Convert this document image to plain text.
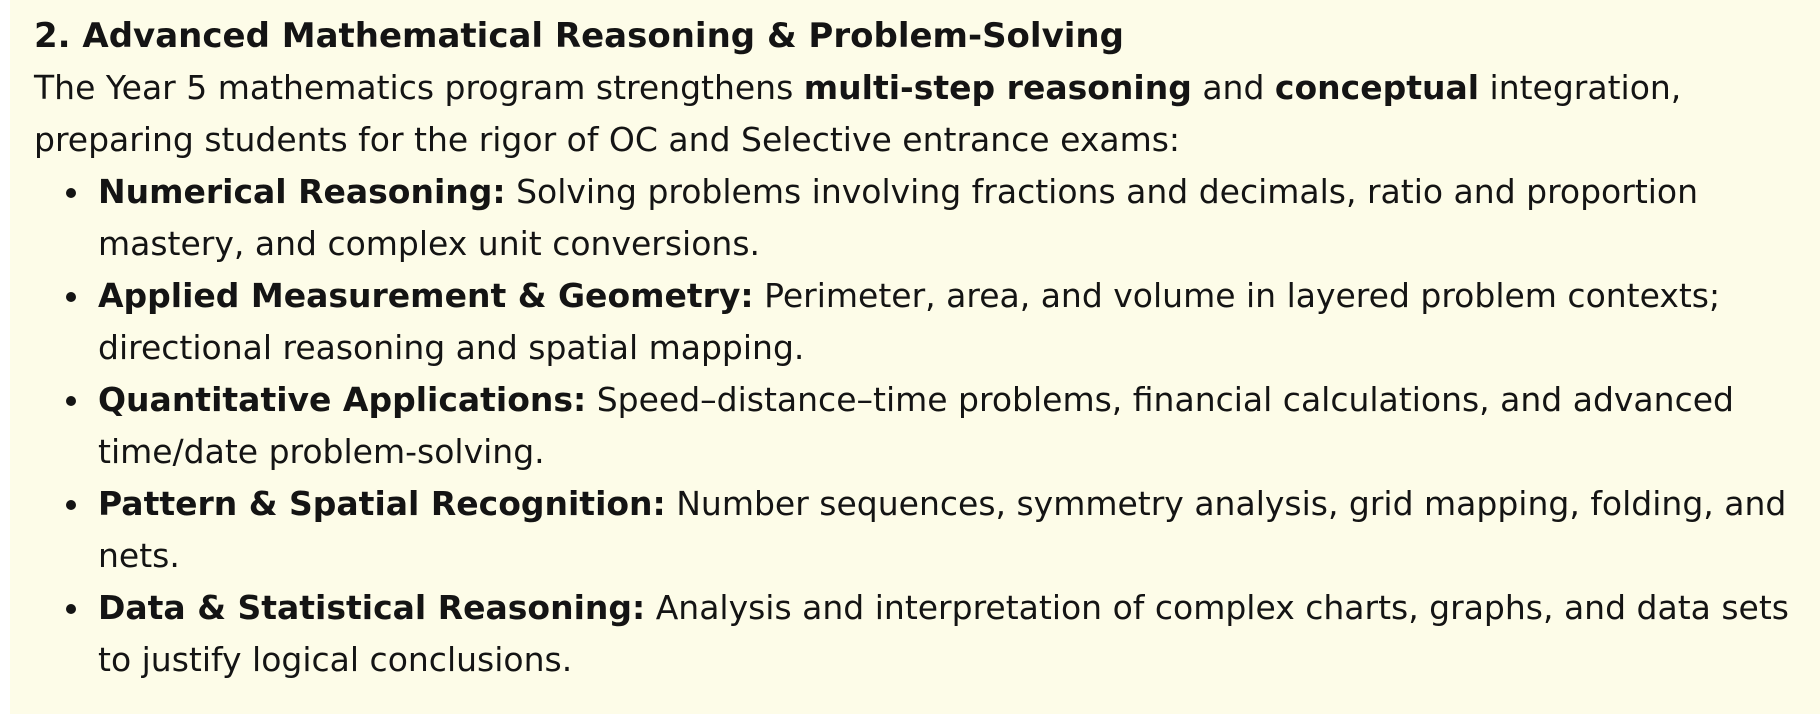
2. Advanced Mathematical Reasoning & Problem-Solving

The Year 5 mathematics program strengthens multi-step reasoning and conceptual integration, preparing students for the rigor of OC and Selective entrance exams:

Numerical Reasoning: Solving problems involving fractions and decimals, ratio and proportion mastery, and complex unit conversions.
Applied Measurement & Geometry: Perimeter, area, and volume in layered problem contexts; directional reasoning and spatial mapping.
Quantitative Applications: Speed–distance–time problems, financial calculations, and advanced time/date problem-solving.
Pattern & Spatial Recognition: Number sequences, symmetry analysis, grid mapping, folding, and nets.
Data & Statistical Reasoning: Analysis and interpretation of complex charts, graphs, and data sets to justify logical conclusions.
